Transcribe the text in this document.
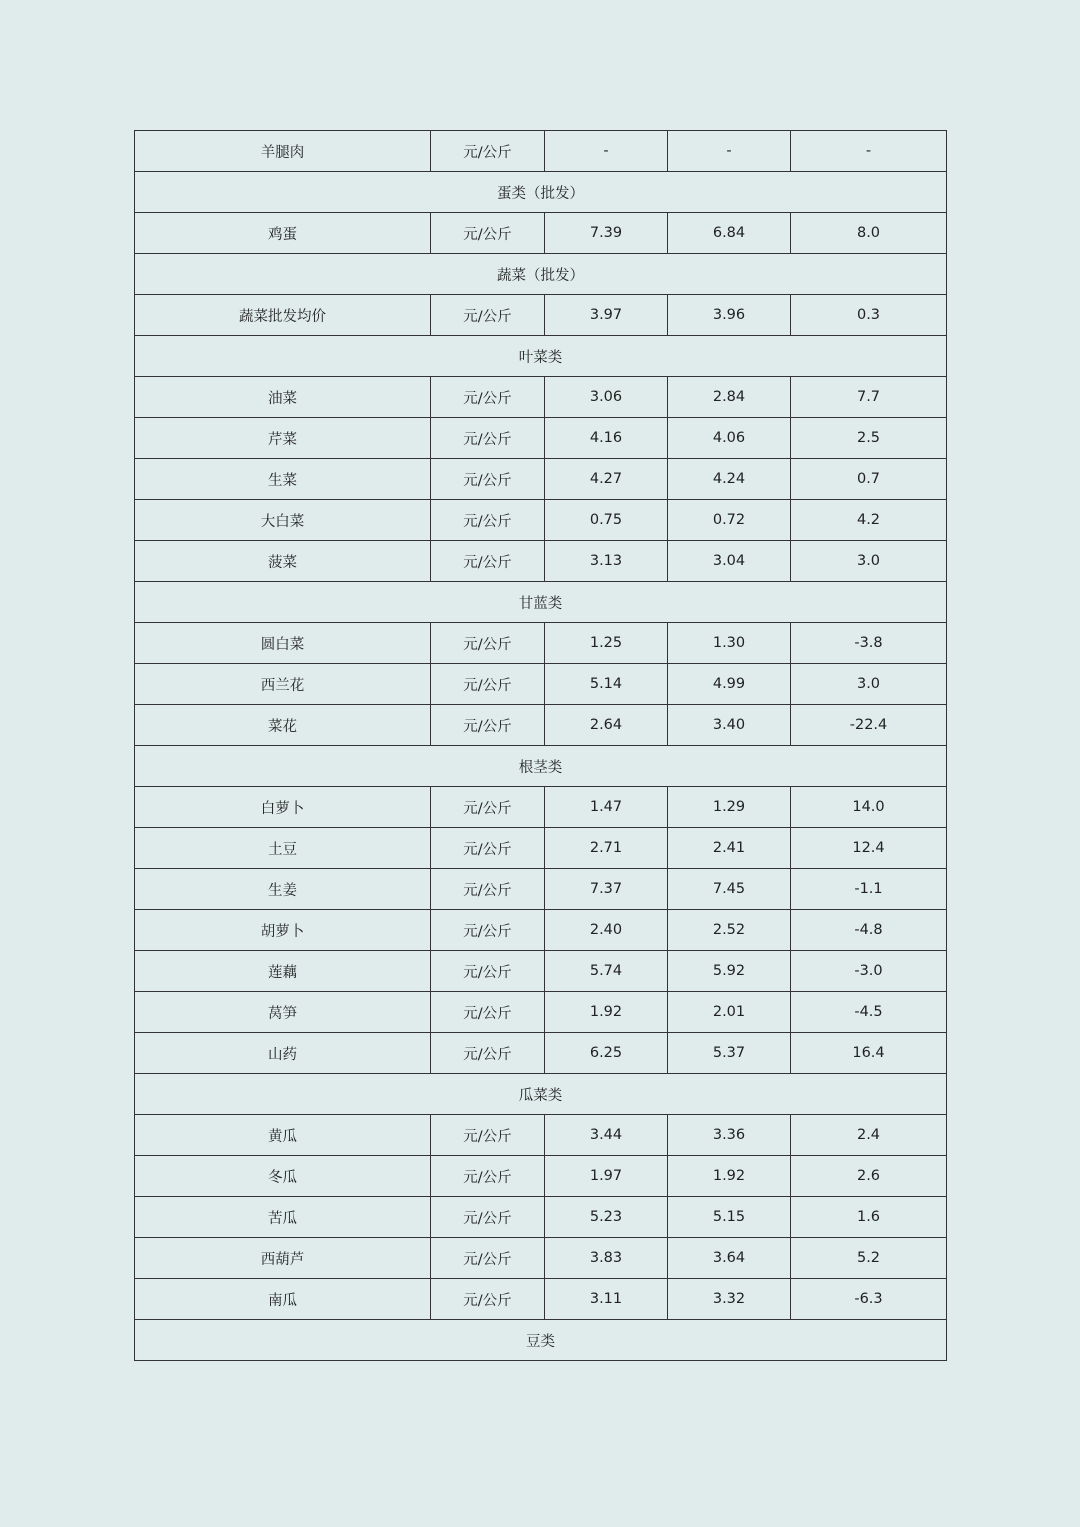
羊腿肉	元/公斤	-	-	-
蛋类（批发）				
鸡蛋	元/公斤	7.39	6.84	8.0
蔬菜（批发）				
蔬菜批发均价	元/公斤	3.97	3.96	0.3
叶菜类				
油菜	元/公斤	3.06	2.84	7.7
芹菜	元/公斤	4.16	4.06	2.5
生菜	元/公斤	4.27	4.24	0.7
大白菜	元/公斤	0.75	0.72	4.2
菠菜	元/公斤	3.13	3.04	3.0
甘蓝类				
圆白菜	元/公斤	1.25	1.30	-3.8
西兰花	元/公斤	5.14	4.99	3.0
菜花	元/公斤	2.64	3.40	-22.4
根茎类				
白萝卜	元/公斤	1.47	1.29	14.0
土豆	元/公斤	2.71	2.41	12.4
生姜	元/公斤	7.37	7.45	-1.1
胡萝卜	元/公斤	2.40	2.52	-4.8
莲藕	元/公斤	5.74	5.92	-3.0
莴笋	元/公斤	1.92	2.01	-4.5
山药	元/公斤	6.25	5.37	16.4
瓜菜类				
黄瓜	元/公斤	3.44	3.36	2.4
冬瓜	元/公斤	1.97	1.92	2.6
苦瓜	元/公斤	5.23	5.15	1.6
西葫芦	元/公斤	3.83	3.64	5.2
南瓜	元/公斤	3.11	3.32	-6.3
豆类				
